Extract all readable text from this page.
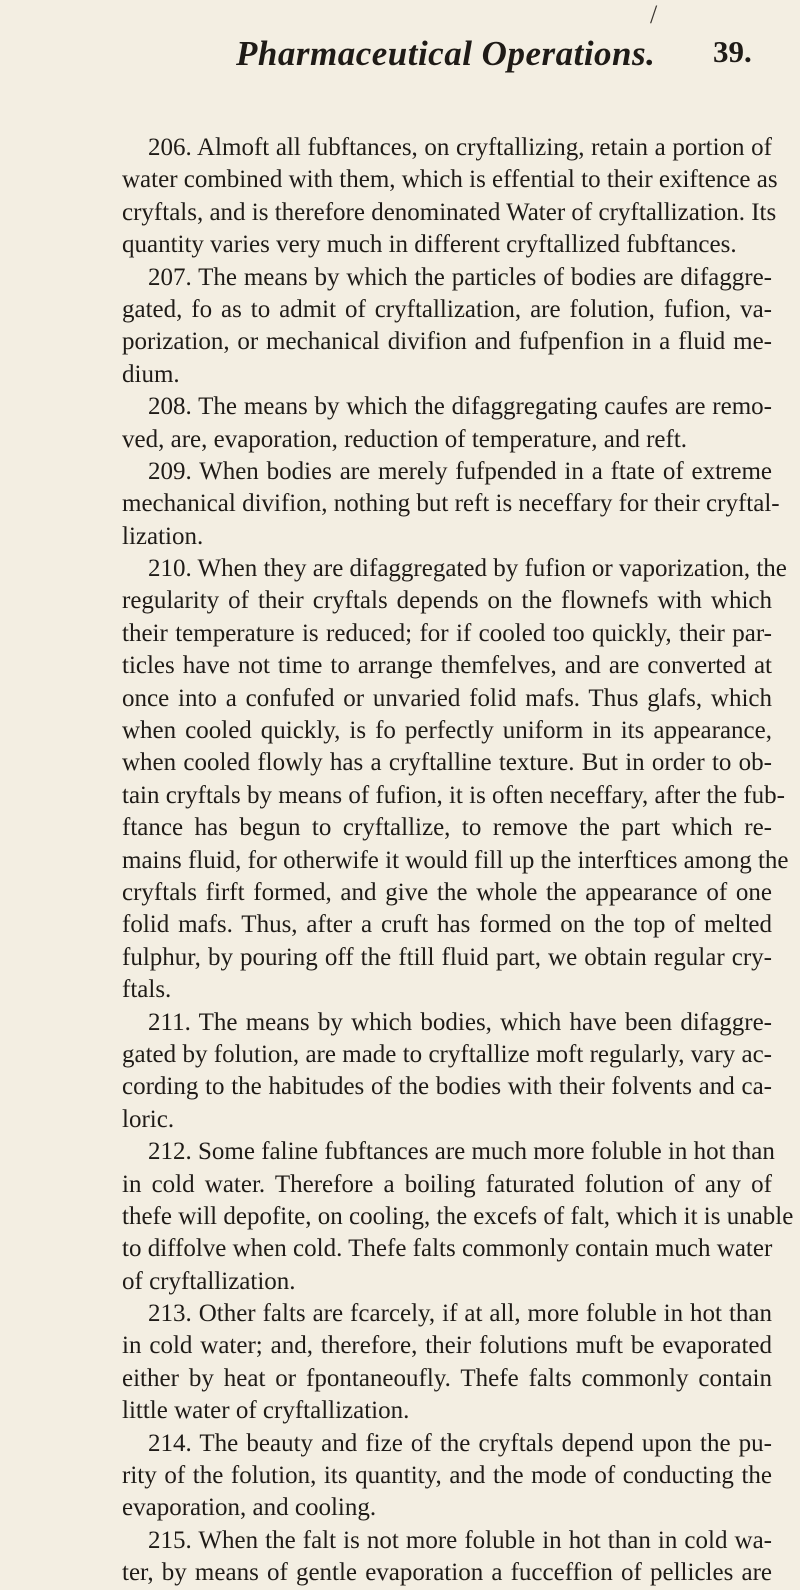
/
Pharmaceutical Operations. 39.
206. Almoft all fubftances, on cryftallizing, retain a portion of
water combined with them, which is effential to their exiftence as
cryftals, and is therefore denominated Water of cryftallization. Its
quantity varies very much in different cryftallized fubftances.
207. The means by which the particles of bodies are difaggre-
gated, fo as to admit of cryftallization, are folution, fufion, va-
porization, or mechanical divifion and fufpenfion in a fluid me-
dium.
208. The means by which the difaggregating caufes are remo-
ved, are, evaporation, reduction of temperature, and reft.
209. When bodies are merely fufpended in a ftate of extreme
mechanical divifion, nothing but reft is neceffary for their cryftal-
lization.
210. When they are difaggregated by fufion or vaporization, the
regularity of their cryftals depends on the flownefs with which
their temperature is reduced; for if cooled too quickly, their par-
ticles have not time to arrange themfelves, and are converted at
once into a confufed or unvaried folid mafs. Thus glafs, which
when cooled quickly, is fo perfectly uniform in its appearance,
when cooled flowly has a cryftalline texture. But in order to ob-
tain cryftals by means of fufion, it is often neceffary, after the fub-
ftance has begun to cryftallize, to remove the part which re-
mains fluid, for otherwife it would fill up the interftices among the
cryftals firft formed, and give the whole the appearance of one
folid mafs. Thus, after a cruft has formed on the top of melted
fulphur, by pouring off the ftill fluid part, we obtain regular cry-
ftals.
211. The means by which bodies, which have been difaggre-
gated by folution, are made to cryftallize moft regularly, vary ac-
cording to the habitudes of the bodies with their folvents and ca-
loric.
212. Some faline fubftances are much more foluble in hot than
in cold water. Therefore a boiling faturated folution of any of
thefe will depofite, on cooling, the excefs of falt, which it is unable
to diffolve when cold. Thefe falts commonly contain much water
of cryftallization.
213. Other falts are fcarcely, if at all, more foluble in hot than
in cold water; and, therefore, their folutions muft be evaporated
either by heat or fpontaneoufly. Thefe falts commonly contain
little water of cryftallization.
214. The beauty and fize of the cryftals depend upon the pu-
rity of the folution, its quantity, and the mode of conducting the
evaporation, and cooling.
215. When the falt is not more foluble in hot than in cold wa-
ter, by means of gentle evaporation a fucceffion of pellicles are
